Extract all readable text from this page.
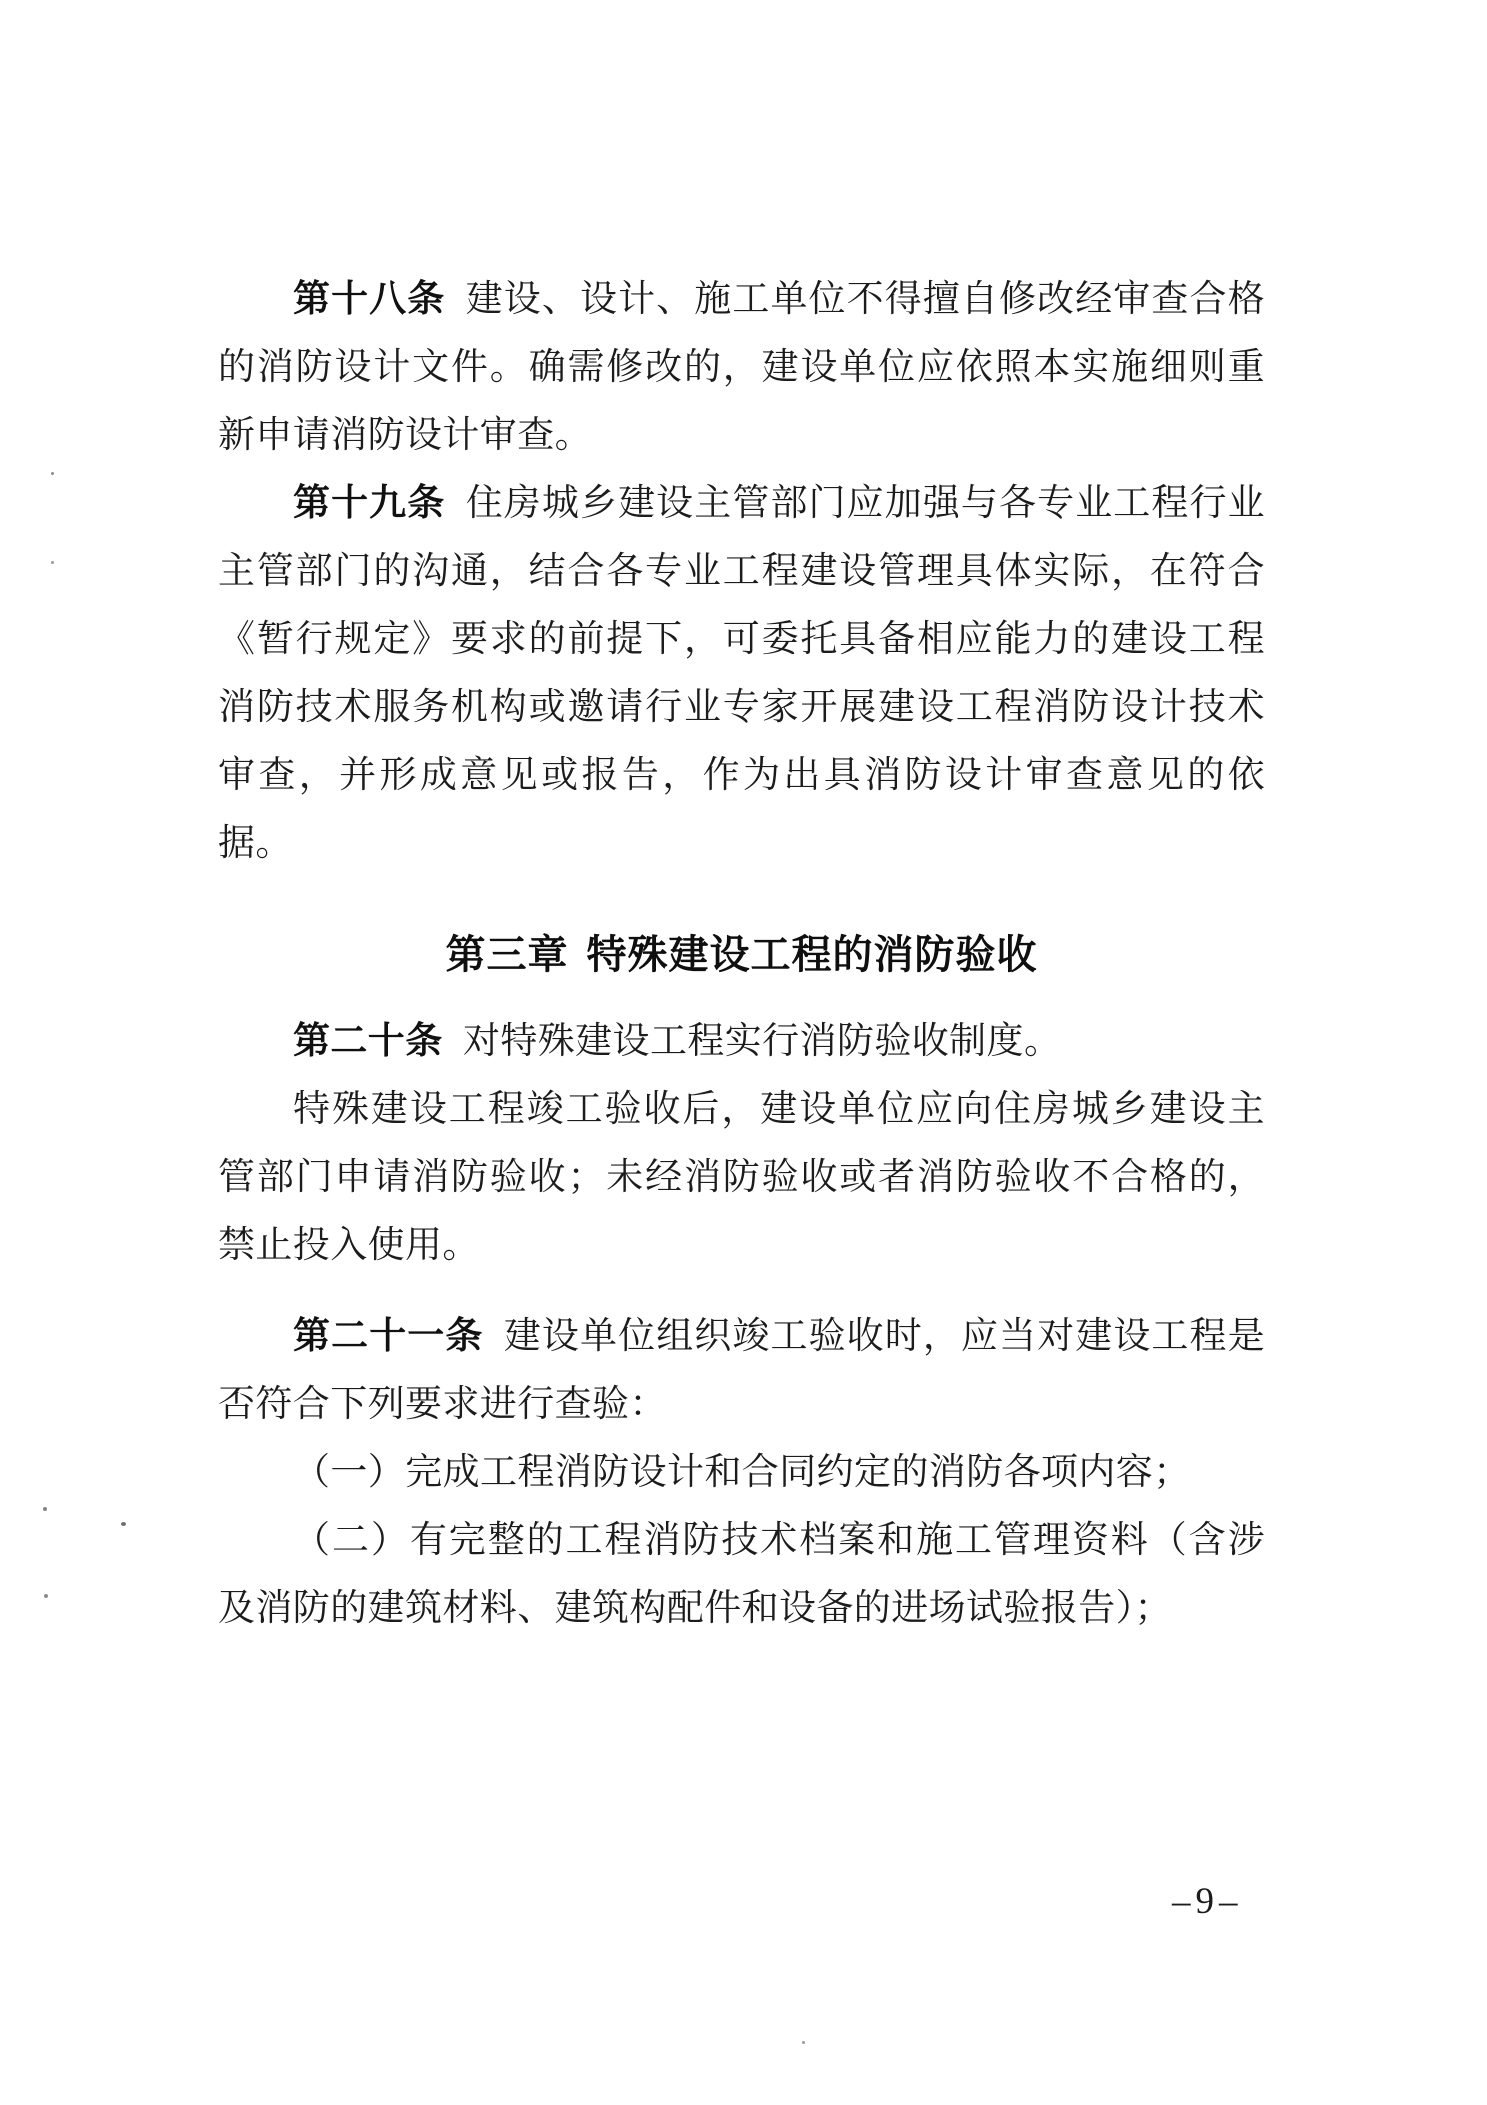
第十八条 建设、设计、施工单位不得擅自修改经审查合格的消防设计文件。确需修改的，建设单位应依照本实施细则重新申请消防设计审查。

第十九条 住房城乡建设主管部门应加强与各专业工程行业主管部门的沟通，结合各专业工程建设管理具体实际，在符合《暂行规定》要求的前提下，可委托具备相应能力的建设工程消防技术服务机构或邀请行业专家开展建设工程消防设计技术审查，并形成意见或报告，作为出具消防设计审查意见的依据。

第三章 特殊建设工程的消防验收

第二十条 对特殊建设工程实行消防验收制度。

特殊建设工程竣工验收后，建设单位应向住房城乡建设主管部门申请消防验收；未经消防验收或者消防验收不合格的，禁止投入使用。

第二十一条 建设单位组织竣工验收时，应当对建设工程是否符合下列要求进行查验：

（一）完成工程消防设计和合同约定的消防各项内容；

（二）有完整的工程消防技术档案和施工管理资料（含涉及消防的建筑材料、建筑构配件和设备的进场试验报告）；

–9–
